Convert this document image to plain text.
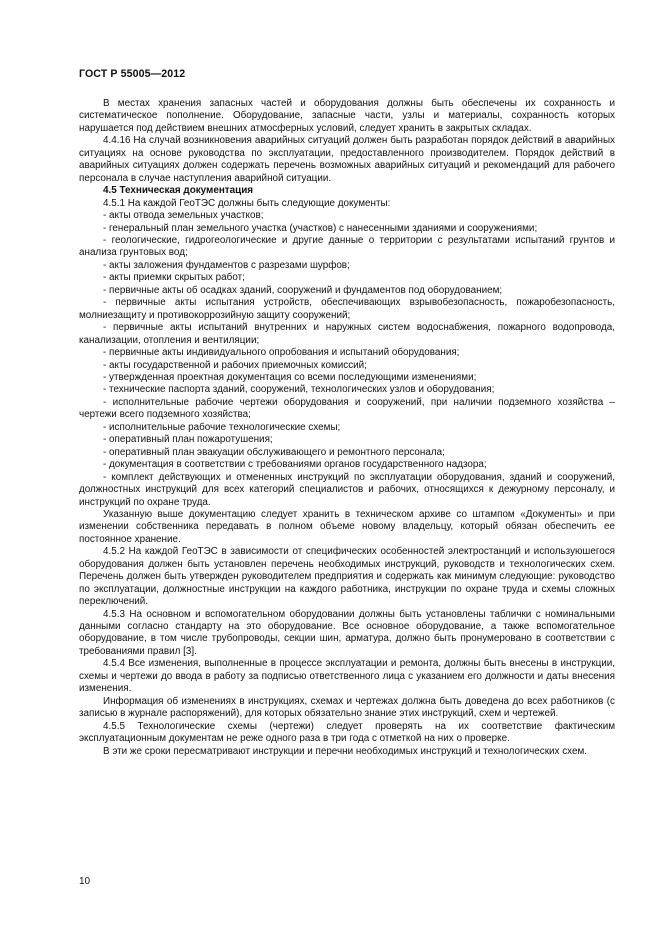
ГОСТ Р 55005—2012

В местах хранения запасных частей и оборудования должны быть обеспечены их сохранность и систематическое пополнение. Оборудование, запасные части, узлы и материалы, сохранность которых нарушается под действием внешних атмосферных условий, следует хранить в закрытых складах.

4.4.16 На случай возникновения аварийных ситуаций должен быть разработан порядок действий в аварийных ситуациях на основе руководства по эксплуатации, предоставленного производителем. Порядок действий в аварийных ситуациях должен содержать перечень возможных аварийных ситуаций и рекомендаций для рабочего персонала в случае наступления аварийной ситуации.

4.5 Техническая документация

4.5.1 На каждой ГеоТЭС должны быть следующие документы:

- акты отвода земельных участков;

- генеральный план земельного участка (участков) с нанесенными зданиями и сооружениями;

- геологические, гидрогеологические и другие данные о территории с результатами испытаний грунтов и анализа грунтовых вод;

- акты заложения фундаментов с разрезами шурфов;

- акты приемки скрытых работ;

- первичные акты об осадках зданий, сооружений и фундаментов под оборудованием;

- первичные акты испытания устройств, обеспечивающих взрывобезопасность, пожаробезопасность, молниезащиту и противокоррозийную защиту сооружений;

- первичные акты испытаний внутренних и наружных систем водоснабжения, пожарного водопровода, канализации, отопления и вентиляции;

- первичные акты индивидуального опробования и испытаний оборудования;

- акты государственной и рабочих приемочных комиссий;

- утвержденная проектная документация со всеми последующими изменениями;

- технические паспорта зданий, сооружений, технологических узлов и оборудования;

- исполнительные рабочие чертежи оборудования и сооружений, при наличии подземного хозяйства – чертежи всего подземного хозяйства;

- исполнительные рабочие технологические схемы;

- оперативный план пожаротушения;

- оперативный план эвакуации обслуживающего и ремонтного персонала;

- документация в соответствии с требованиями органов государственного надзора;

- комплект действующих и отмененных инструкций по эксплуатации оборудования, зданий и сооружений, должностных инструкций для всех категорий специалистов и рабочих, относящихся к дежурному персоналу, и инструкций по охране труда.

Указанную выше документацию следует хранить в техническом архиве со штампом «Документы» и при изменении собственника передавать в полном объеме новому владельцу, который обязан обеспечить ее постоянное хранение.

4.5.2 На каждой ГеоТЭС в зависимости от специфических особенностей электростанций и используюшегося оборудования должен быть установлен перечень необходимых инструкций, руководств и технологических схем. Перечень должен быть утвержден руководителем предприятия и содержать как минимум следующие: руководство по эксплуатации, должностные инструкции на каждого работника, инструкции по охране труда и схемы сложных переключений.

4.5.3 На основном и вспомогательном оборудовании должны быть установлены таблички с номинальными данными согласно стандарту на это оборудование. Все основное оборудование, а также вспомогательное оборудование, в том числе трубопроводы, секции шин, арматура, должно быть пронумеровано в соответствии с требованиями правил [3].

4.5.4 Все изменения, выполненные в процессе эксплуатации и ремонта, должны быть внесены в инструкции, схемы и чертежи до ввода в работу за подписью ответственного лица с указанием его должности и даты внесения изменения.

Информация об изменениях в инструкциях, схемах и чертежах должна быть доведена до всех работников (с записью в журнале распоряжений), для которых обязательно знание этих инструкций, схем и чертежей.

4.5.5 Технологические схемы (чертежи) следует проверять на их соответствие фактическим эксплуатационным документам не реже одного раза в три года с отметкой на них о проверке.

В эти же сроки пересматривают инструкции и перечни необходимых инструкций и технологических схем.

10
